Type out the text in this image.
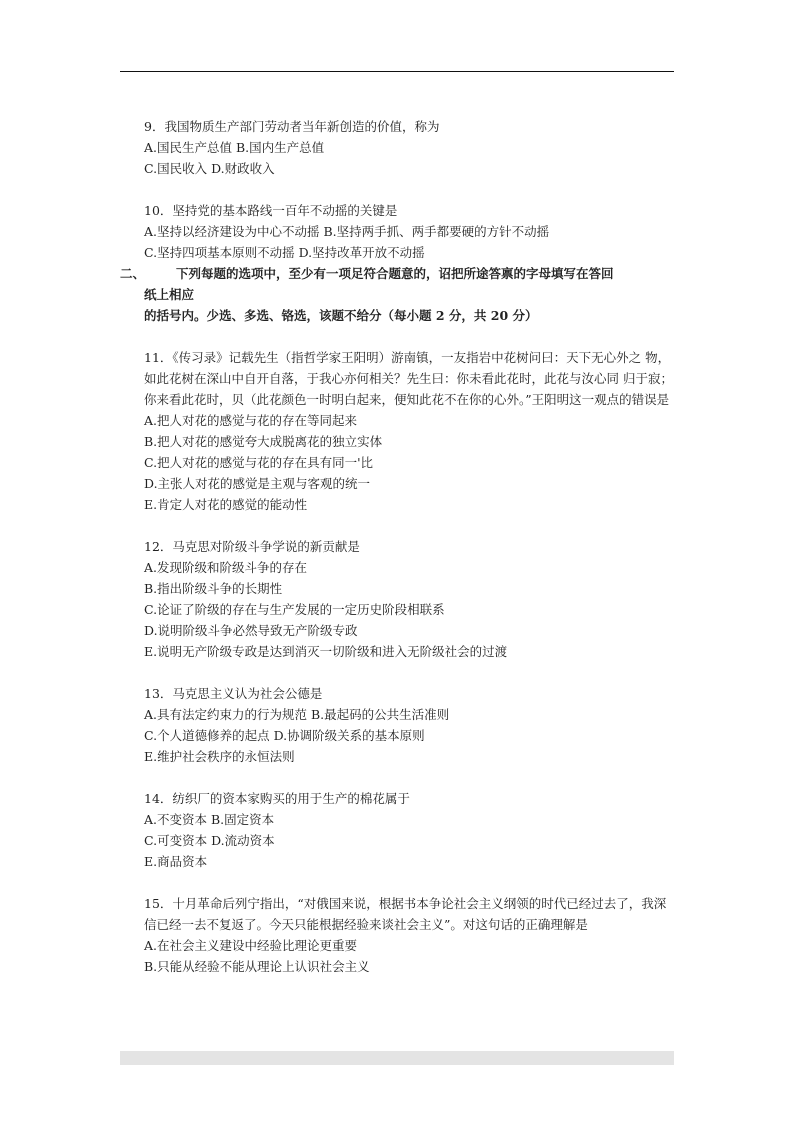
9．我国物质生产部门劳动者当年新创造的价值，称为
A.国民生产总值 B.国内生产总值
C.国民收入 D.财政收入
10．坚持党的基本路线一百年不动摇的关键是
A.坚持以经济建设为中心不动摇 B.坚持两手抓、两手都要硬的方针不动摇
C.坚持四项基本原则不动摇 D.坚持改革开放不动摇
二、	下列每题的选项中，至少有一项足符合题意的，诏把所途答禀的字母填写在答回
纸上相应
的括号内。少选、多选、铬选，该题不给分（每小题 2 分，共 20 分）
11．《传习录》记载先生（指哲学家王阳明）游南镇，一友指岩中花树问曰：天下无心外之 物，如此花树在深山中自开自落，于我心亦何相关？先生曰：你未看此花时，此花与汝心同 归于寂；你来看此花时，贝（此花颜色一时明白起来，便知此花不在你的心外。”王阳明这一观点的错误是
A.把人对花的感觉与花的存在等同起来
B.把人对花的感觉夸大成脱离花的独立实体
C.把人对花的感觉与花的存在具有同一'比
D.主张人对花的感觉是主观与客观的统一
E.肯定人对花的感觉的能动性
12．马克思对阶级斗争学说的新贡献是
A.发现阶级和阶级斗争的存在
B.指出阶级斗争的长期性
C.论证了阶级的存在与生产发展的一定历史阶段相联系
D.说明阶级斗争必然导致无产阶级专政
E.说明无产阶级专政是达到消灭一切阶级和进入无阶级社会的过渡
13．马克思主义认为社会公德是
A.具有法定约束力的行为规范 B.最起码的公共生活准则
C.个人道德修养的起点 D.协调阶级关系的基本原则
E.维护社会秩序的永恒法则
14．纺织厂的资本家购买的用于生产的棉花属于
A.不变资本 B.固定资本
C.可变资本 D.流动资本
E.商品资本
15．十月革命后列宁指出，“对俄国来说，根据书本争论社会主义纲领的时代已经过去了，我深信已经一去不复返了。今天只能根据经验来谈社会主义”。对这句话的正确理解是
A.在社会主义建设中经验比理论更重要
B.只能从经验不能从理论上认识社会主义
